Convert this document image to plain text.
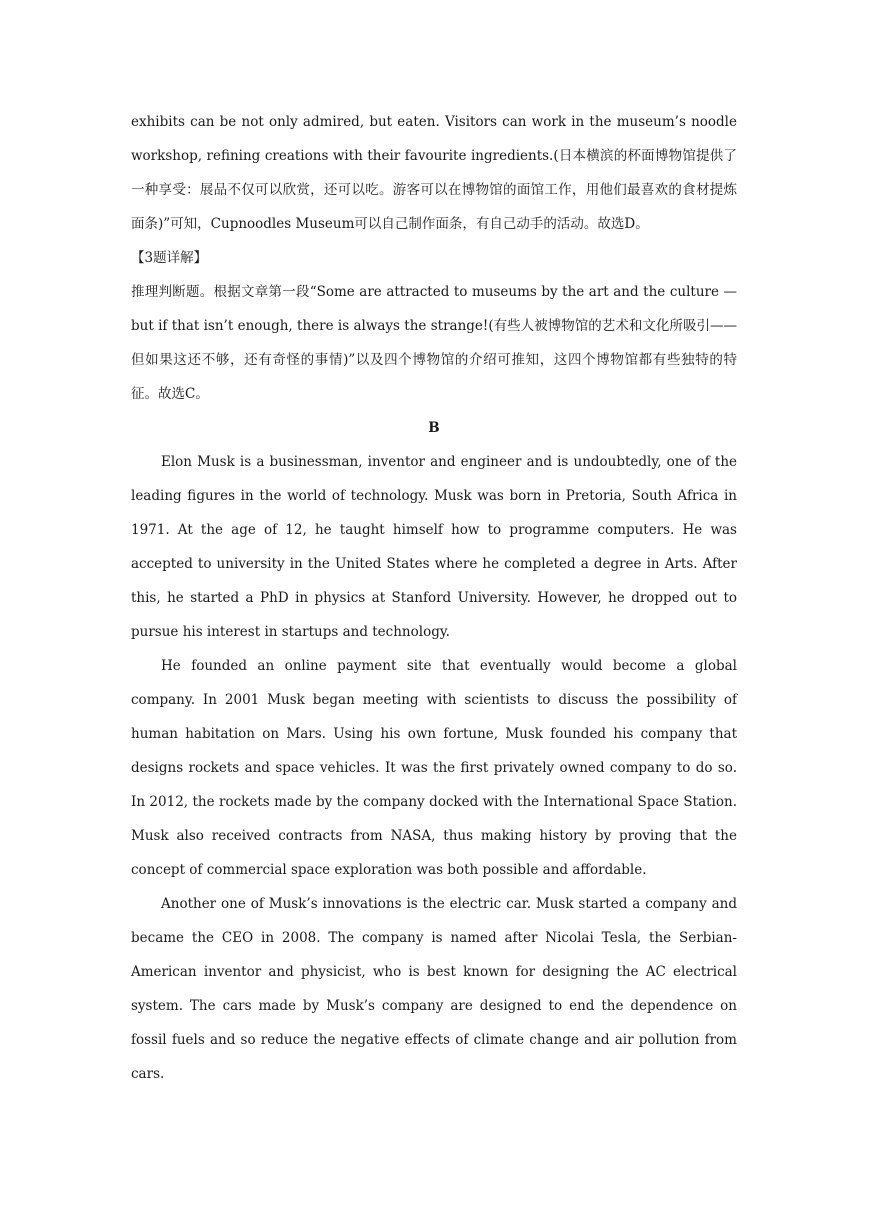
exhibits can be not only admired, but eaten. Visitors can work in the museum’s noodle workshop, refining creations with their favourite ingredients.(日本横滨的杯面博物馆提供了一种享受：展品不仅可以欣赏，还可以吃。游客可以在博物馆的面馆工作，用他们最喜欢的食材提炼面条)”可知，Cupnoodles Museum可以自己制作面条，有自己动手的活动。故选D。

【3题详解】

推理判断题。根据文章第一段“Some are attracted to museums by the art and the culture — but if that isn’t enough, there is always the strange!(有些人被博物馆的艺术和文化所吸引——但如果这还不够，还有奇怪的事情)”以及四个博物馆的介绍可推知，这四个博物馆都有些独特的特征。故选C。

B

Elon Musk is a businessman, inventor and engineer and is undoubtedly, one of the leading figures in the world of technology. Musk was born in Pretoria, South Africa in 1971. At the age of 12, he taught himself how to programme computers. He was accepted to university in the United States where he completed a degree in Arts. After this, he started a PhD in physics at Stanford University. However, he dropped out to pursue his interest in startups and technology.

He founded an online payment site that eventually would become a global company. In 2001 Musk began meeting with scientists to discuss the possibility of human habitation on Mars. Using his own fortune, Musk founded his company that designs rockets and space vehicles. It was the first privately owned company to do so. In 2012, the rockets made by the company docked with the International Space Station. Musk also received contracts from NASA, thus making history by proving that the concept of commercial space exploration was both possible and affordable.

Another one of Musk’s innovations is the electric car. Musk started a company and became the CEO in 2008. The company is named after Nicolai Tesla, the Serbian-American inventor and physicist, who is best known for designing the AC electrical system. The cars made by Musk’s company are designed to end the dependence on fossil fuels and so reduce the negative effects of climate change and air pollution from cars.
